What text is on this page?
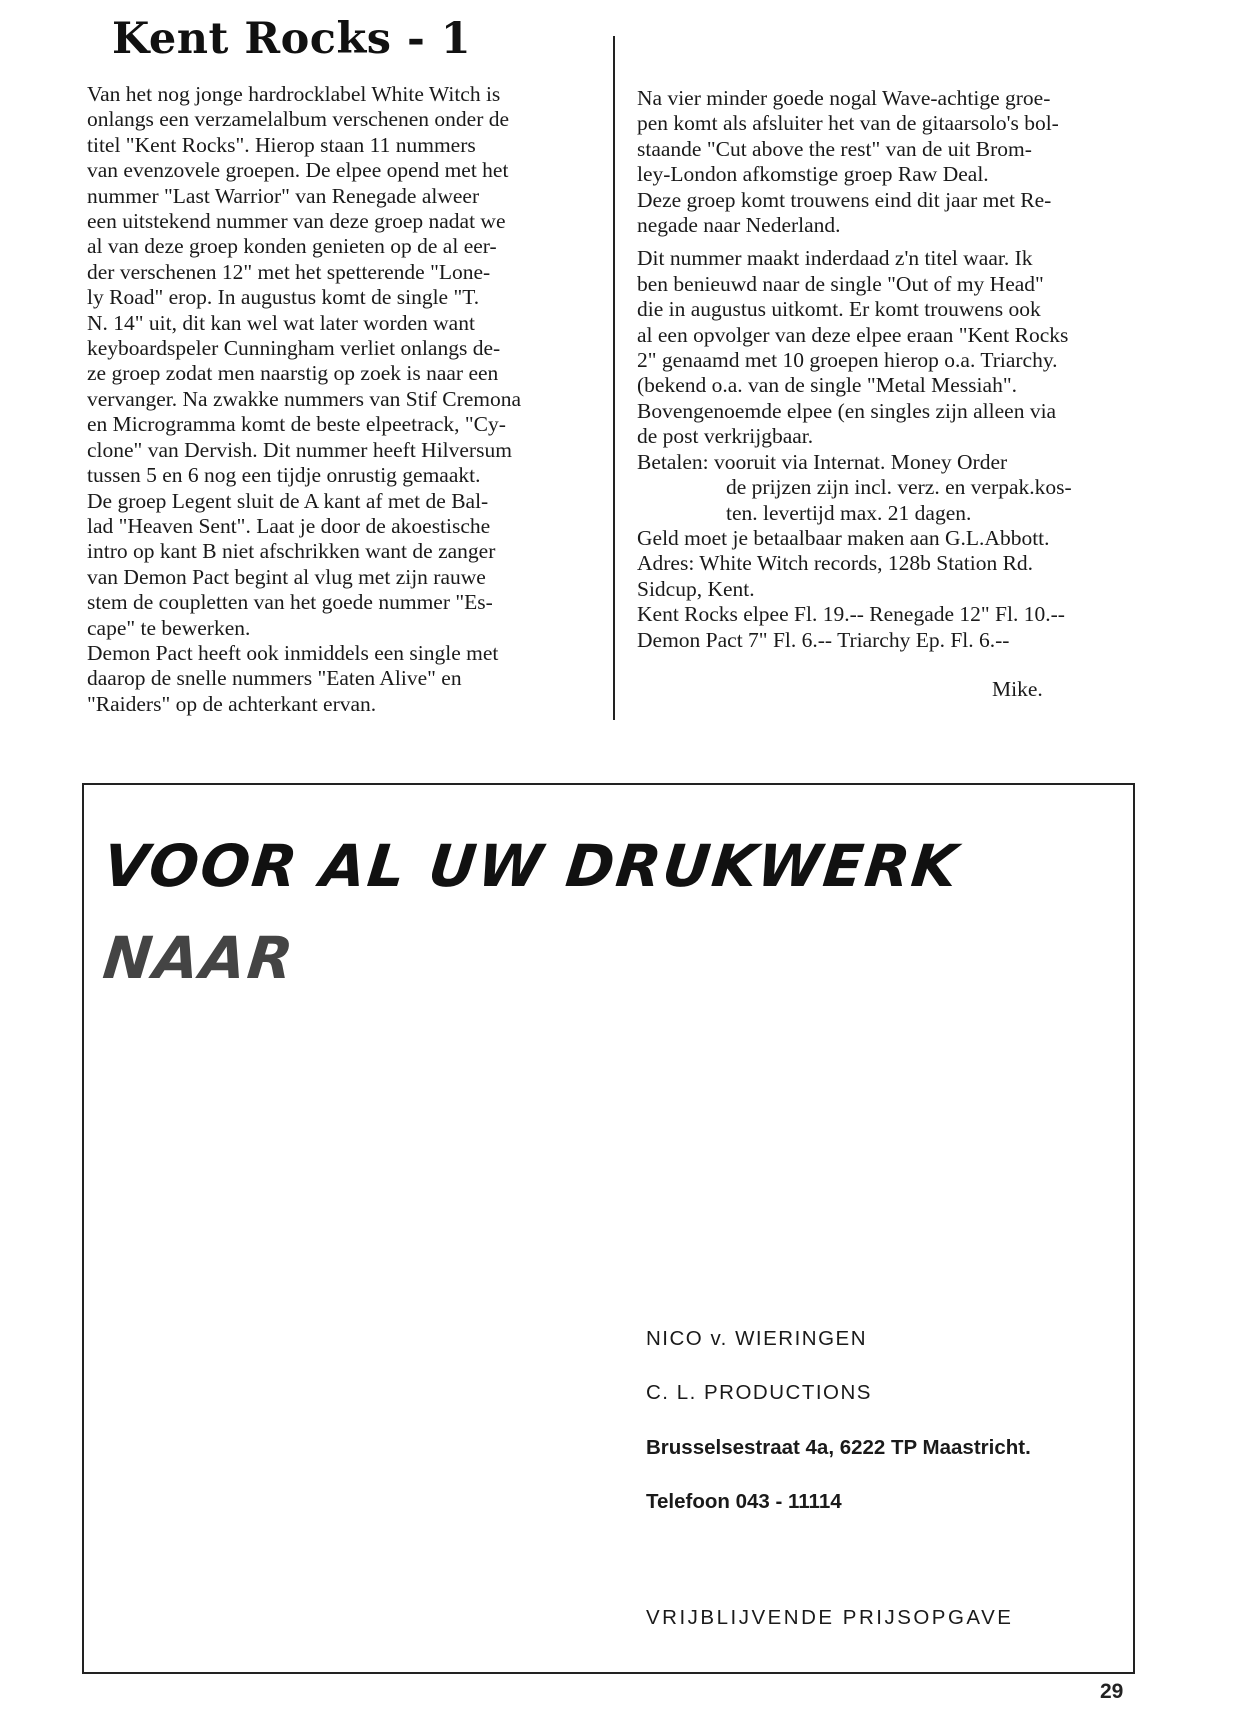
Kent Rocks - 1
Van het nog jonge hardrocklabel White Witch is
onlangs een verzamelalbum verschenen onder de
titel "Kent Rocks". Hierop staan 11 nummers
van evenzovele groepen. De elpee opend met het
nummer "Last Warrior" van Renegade alweer
een uitstekend nummer van deze groep nadat we
al van deze groep konden genieten op de al eer-
der verschenen 12" met het spetterende "Lone-
ly Road" erop. In augustus komt de single "T.
N. 14" uit, dit kan wel wat later worden want
keyboardspeler Cunningham verliet onlangs de-
ze groep zodat men naarstig op zoek is naar een
vervanger. Na zwakke nummers van Stif Cremona
en Microgramma komt de beste elpeetrack, "Cy-
clone" van Dervish. Dit nummer heeft Hilversum
tussen 5 en 6 nog een tijdje onrustig gemaakt.
De groep Legent sluit de A kant af met de Bal-
lad "Heaven Sent". Laat je door de akoestische
intro op kant B niet afschrikken want de zanger
van Demon Pact begint al vlug met zijn rauwe
stem de coupletten van het goede nummer "Es-
cape" te bewerken.
Demon Pact heeft ook inmiddels een single met
daarop de snelle nummers "Eaten Alive" en
"Raiders" op de achterkant ervan.
Na vier minder goede nogal Wave-achtige groe-
pen komt als afsluiter het van de gitaarsolo's bol-
staande "Cut above the rest" van de uit Brom-
ley-London afkomstige groep Raw Deal.
Deze groep komt trouwens eind dit jaar met Re-
negade naar Nederland.
Dit nummer maakt inderdaad z'n titel waar. Ik
ben benieuwd naar de single "Out of my Head"
die in augustus uitkomt. Er komt trouwens ook
al een opvolger van deze elpee eraan "Kent Rocks
2" genaamd met 10 groepen hierop o.a. Triarchy.
(bekend o.a. van de single "Metal Messiah".
Bovengenoemde elpee (en singles zijn alleen via
de post verkrijgbaar.
Betalen: vooruit via Internat. Money Order
de prijzen zijn incl. verz. en verpak.kos-
ten. levertijd max. 21 dagen.
Geld moet je betaalbaar maken aan G.L.Abbott.
Adres: White Witch records, 128b Station Rd.
Sidcup, Kent.
Kent Rocks elpee Fl. 19.-- Renegade 12" Fl. 10.--
Demon Pact 7" Fl. 6.-- Triarchy Ep. Fl. 6.--
Mike.
VOOR AL UW DRUKWERK
NAAR
NICO v. WIERINGEN
C. L. PRODUCTIONS
Brusselsestraat 4a, 6222 TP Maastricht.
Telefoon 043 - 11114
VRIJBLIJVENDE PRIJSOPGAVE
29
